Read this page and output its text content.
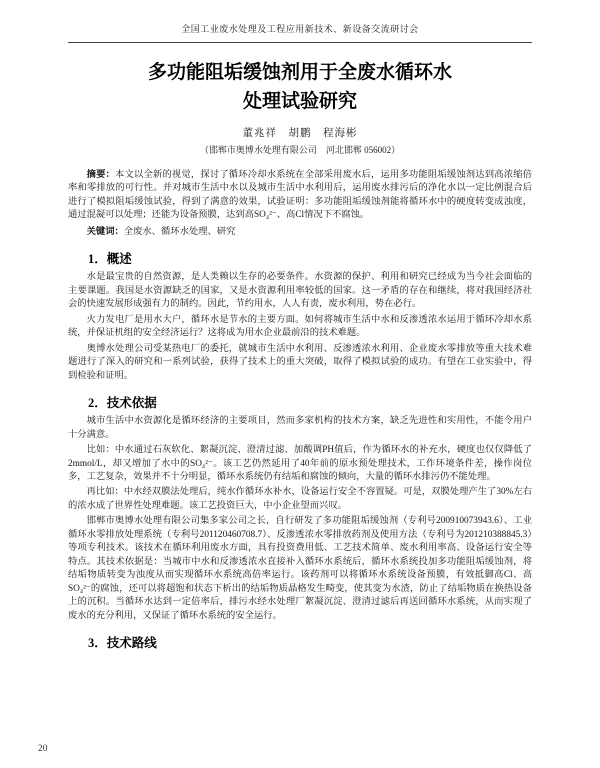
全国工业废水处理及工程应用新技术、新设备交流研讨会
多功能阻垢缓蚀剂用于全废水循环水
处理试验研究
董兆祥　胡鹏　程海彬
（邯郸市奥博水处理有限公司　河北邯郸 056002）

摘要：本文以全新的视觉，探讨了循环冷却水系统在全部采用废水后，运用多功能阻垢缓蚀剂达到高浓缩倍率和零排放的可行性。并对城市生活中水以及城市生活中水利用后，运用废水排污后的净化水以一定比例混合后进行了模拟阻垢缓蚀试验，得到了满意的效果，试验证明：多功能阻垢缓蚀剂能将循环水中的硬度转变成浊度，通过混凝可以处理；还能为设备预膜，达到高SO₄²⁻、高Cl情况下不腐蚀。

关键词：全废水、循环水处理、研究

1．概述

水是最宝贵的自然资源，是人类赖以生存的必要条件。水资源的保护、利用和研究已经成为当今社会面临的主要课题。我国是水资源缺乏的国家，又是水资源利用率较低的国家。这一矛盾的存在和继续，将对我国经济社会的快速发展形成强有力的制约。因此，节约用水，人人有责，废水利用，势在必行。

火力发电厂是用水大户，循环水是节水的主要方面。如何将城市生活中水和反渗透浓水运用于循环冷却水系统，并保证机组的安全经济运行？这将成为用水企业最前沿的技术难题。

奥博水处理公司受某热电厂的委托，就城市生活中水利用、反渗透浓水利用、企业废水零排放等重大技术难题进行了深入的研究和一系列试验，获得了技术上的重大突破，取得了模拟试验的成功。有望在工业实验中，得到检验和证明。

2．技术依据

城市生活中水资源化是循环经济的主要项目，然而多家机构的技术方案，缺乏先进性和实用性，不能令用户十分满意。

比如：中水通过石灰软化、絮凝沉淀、澄清过滤、加酸调PH值后，作为循环水的补充水，硬度也仅仅降低了2mmol/L，却又增加了水中的SO₄²⁻。该工艺仍然延用了40年前的原水预处理技术，工作环境条件差，操作岗位多，工艺复杂，效果并不十分明显，循环水系统仍有结垢和腐蚀的倾向，大量的循环水排污仍不能处理。

再比如：中水经双膜法处理后，纯水作循环水补水，设备运行安全不容置疑。可是，双膜处理产生了30%左右的浓水成了世界性处理难题。该工艺投资巨大，中小企业望而兴叹。

邯郸市奥博水处理有限公司集多家公司之长，自行研发了多功能阻垢缓蚀剂（专利号200910073943.6）、工业循环水零排放处理系统（专利号201120460708.7）、反渗透浓水零排放药剂及使用方法（专利号为201210388845.3）等项专利技术。该技术在循环利用废水方面，具有投资费用低、工艺技术简单、废水利用率高、设备运行安全等特点。其技术依据是：当城市中水和反渗透浓水直接补入循环水系统后，循环水系统投加多功能阻垢缓蚀剂，将结垢物质转变为浊度从而实现循环水系统高倍率运行。该药剂可以将循环水系统设备预膜，有效抵御高Cl、高SO₄²⁻的腐蚀，还可以将超饱和状态下析出的结垢物质晶格发生畸变，使其变为水渣，防止了结垢物质在换热设备上的沉积。当循环水达到一定倍率后，排污水经水处理厂絮凝沉淀、澄清过滤后再送回循环水系统，从而实现了废水的充分利用，又保证了循环水系统的安全运行。

3．技术路线
20
